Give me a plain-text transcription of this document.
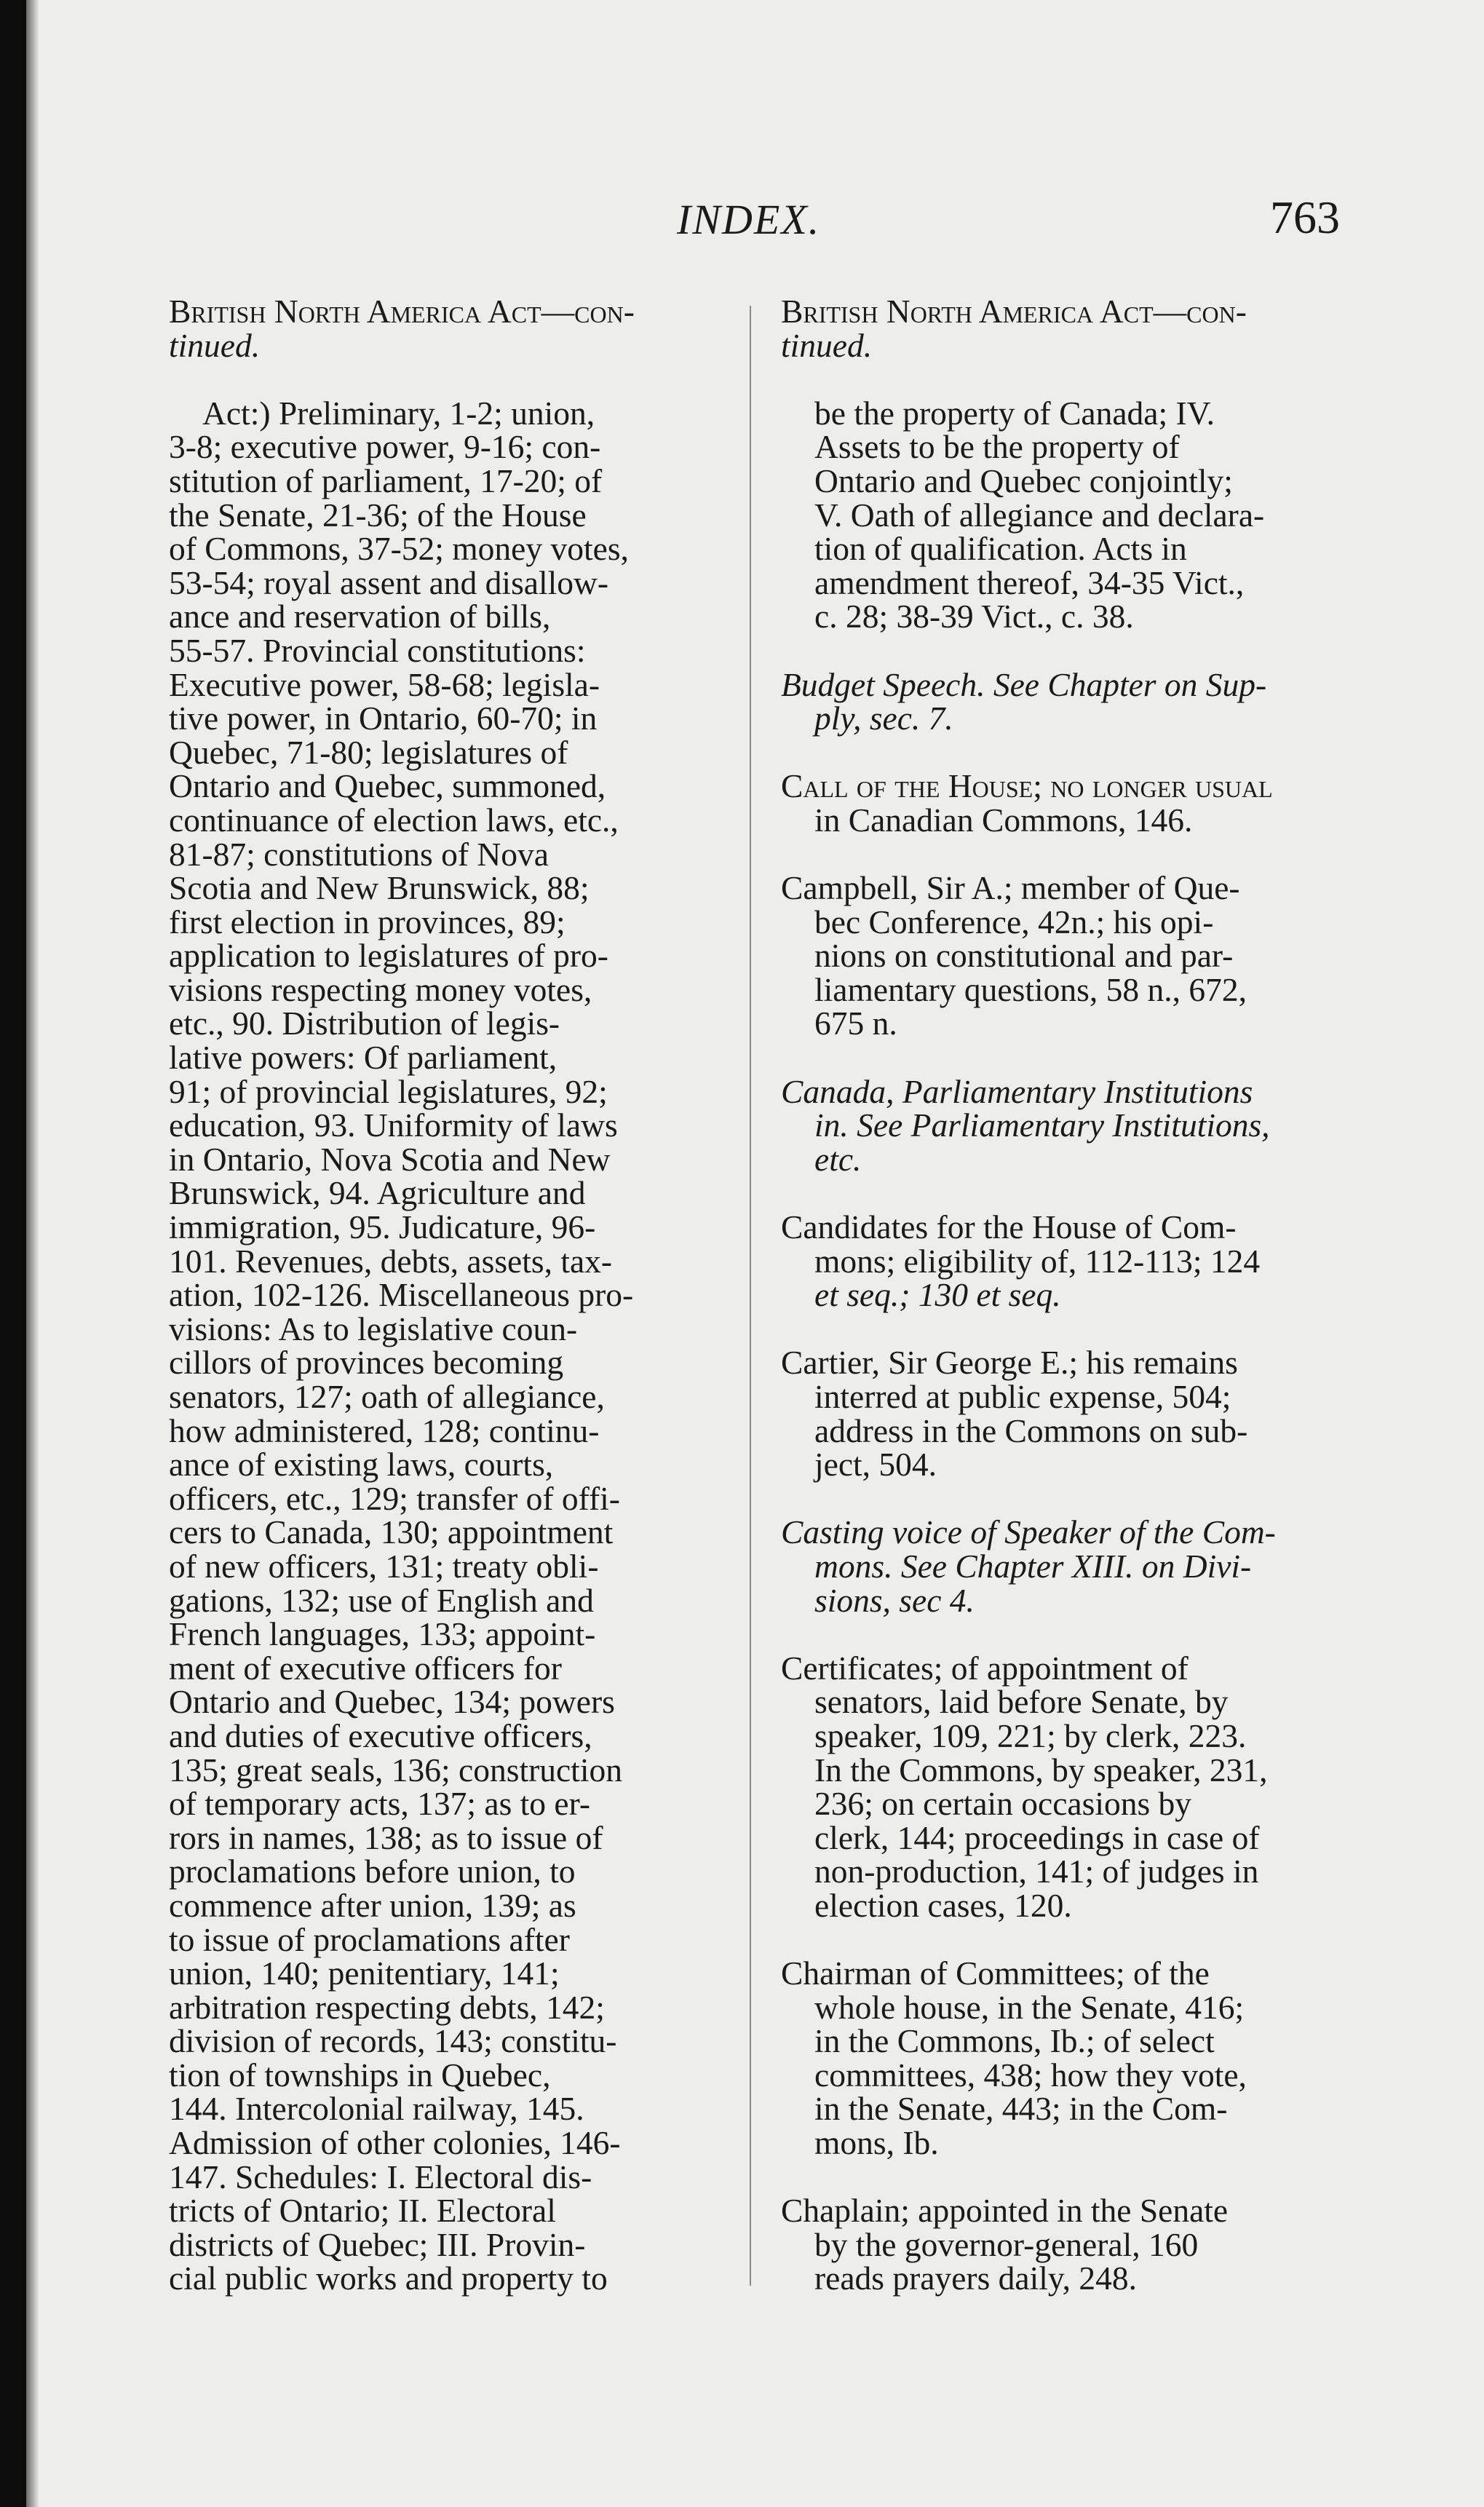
INDEX.	763
British North America Act—con-
tinued.
Act:) Preliminary, 1-2; union,
3-8; executive power, 9-16; con-
stitution of parliament, 17-20; of
the Senate, 21-36; of the House
of Commons, 37-52; money votes,
53-54; royal assent and disallow-
ance and reservation of bills,
55-57. Provincial constitutions:
Executive power, 58-68; legisla-
tive power, in Ontario, 60-70; in
Quebec, 71-80; legislatures of
Ontario and Quebec, summoned,
continuance of election laws, etc.,
81-87; constitutions of Nova
Scotia and New Brunswick, 88;
first election in provinces, 89;
application to legislatures of pro-
visions respecting money votes,
etc., 90. Distribution of legis-
lative powers: Of parliament,
91; of provincial legislatures, 92;
education, 93. Uniformity of laws
in Ontario, Nova Scotia and New
Brunswick, 94. Agriculture and
immigration, 95. Judicature, 96-
101. Revenues, debts, assets, tax-
ation, 102-126. Miscellaneous pro-
visions: As to legislative coun-
cillors of provinces becoming
senators, 127; oath of allegiance,
how administered, 128; continu-
ance of existing laws, courts,
officers, etc., 129; transfer of offi-
cers to Canada, 130; appointment
of new officers, 131; treaty obli-
gations, 132; use of English and
French languages, 133; appoint-
ment of executive officers for
Ontario and Quebec, 134; powers
and duties of executive officers,
135; great seals, 136; construction
of temporary acts, 137; as to er-
rors in names, 138; as to issue of
proclamations before union, to
commence after union, 139; as
to issue of proclamations after
union, 140; penitentiary, 141;
arbitration respecting debts, 142;
division of records, 143; constitu-
tion of townships in Quebec,
144. Intercolonial railway, 145.
Admission of other colonies, 146-
147. Schedules: I. Electoral dis-
tricts of Ontario; II. Electoral
districts of Quebec; III. Provin-
cial public works and property to
British North America Act—con-
tinued.
be the property of Canada; IV.
Assets to be the property of
Ontario and Quebec conjointly;
V. Oath of allegiance and declara-
tion of qualification. Acts in
amendment thereof, 34-35 Vict.,
c. 28; 38-39 Vict., c. 38.
Budget Speech. See Chapter on Sup-
ply, sec. 7.
Call of the House; no longer usual
in Canadian Commons, 146.
Campbell, Sir A.; member of Que-
bec Conference, 42n.; his opi-
nions on constitutional and par-
liamentary questions, 58 n., 672,
675 n.
Canada, Parliamentary Institutions
in. See Parliamentary Institutions,
etc.
Candidates for the House of Com-
mons; eligibility of, 112-113; 124
et seq.; 130 et seq.
Cartier, Sir George E.; his remains
interred at public expense, 504;
address in the Commons on sub-
ject, 504.
Casting voice of Speaker of the Com-
mons. See Chapter XIII. on Divi-
sions, sec 4.
Certificates; of appointment of
senators, laid before Senate, by
speaker, 109, 221; by clerk, 223.
In the Commons, by speaker, 231,
236; on certain occasions by
clerk, 144; proceedings in case of
non-production, 141; of judges in
election cases, 120.
Chairman of Committees; of the
whole house, in the Senate, 416;
in the Commons, Ib.; of select
committees, 438; how they vote,
in the Senate, 443; in the Com-
mons, Ib.
Chaplain; appointed in the Senate
by the governor-general, 160
reads prayers daily, 248.
